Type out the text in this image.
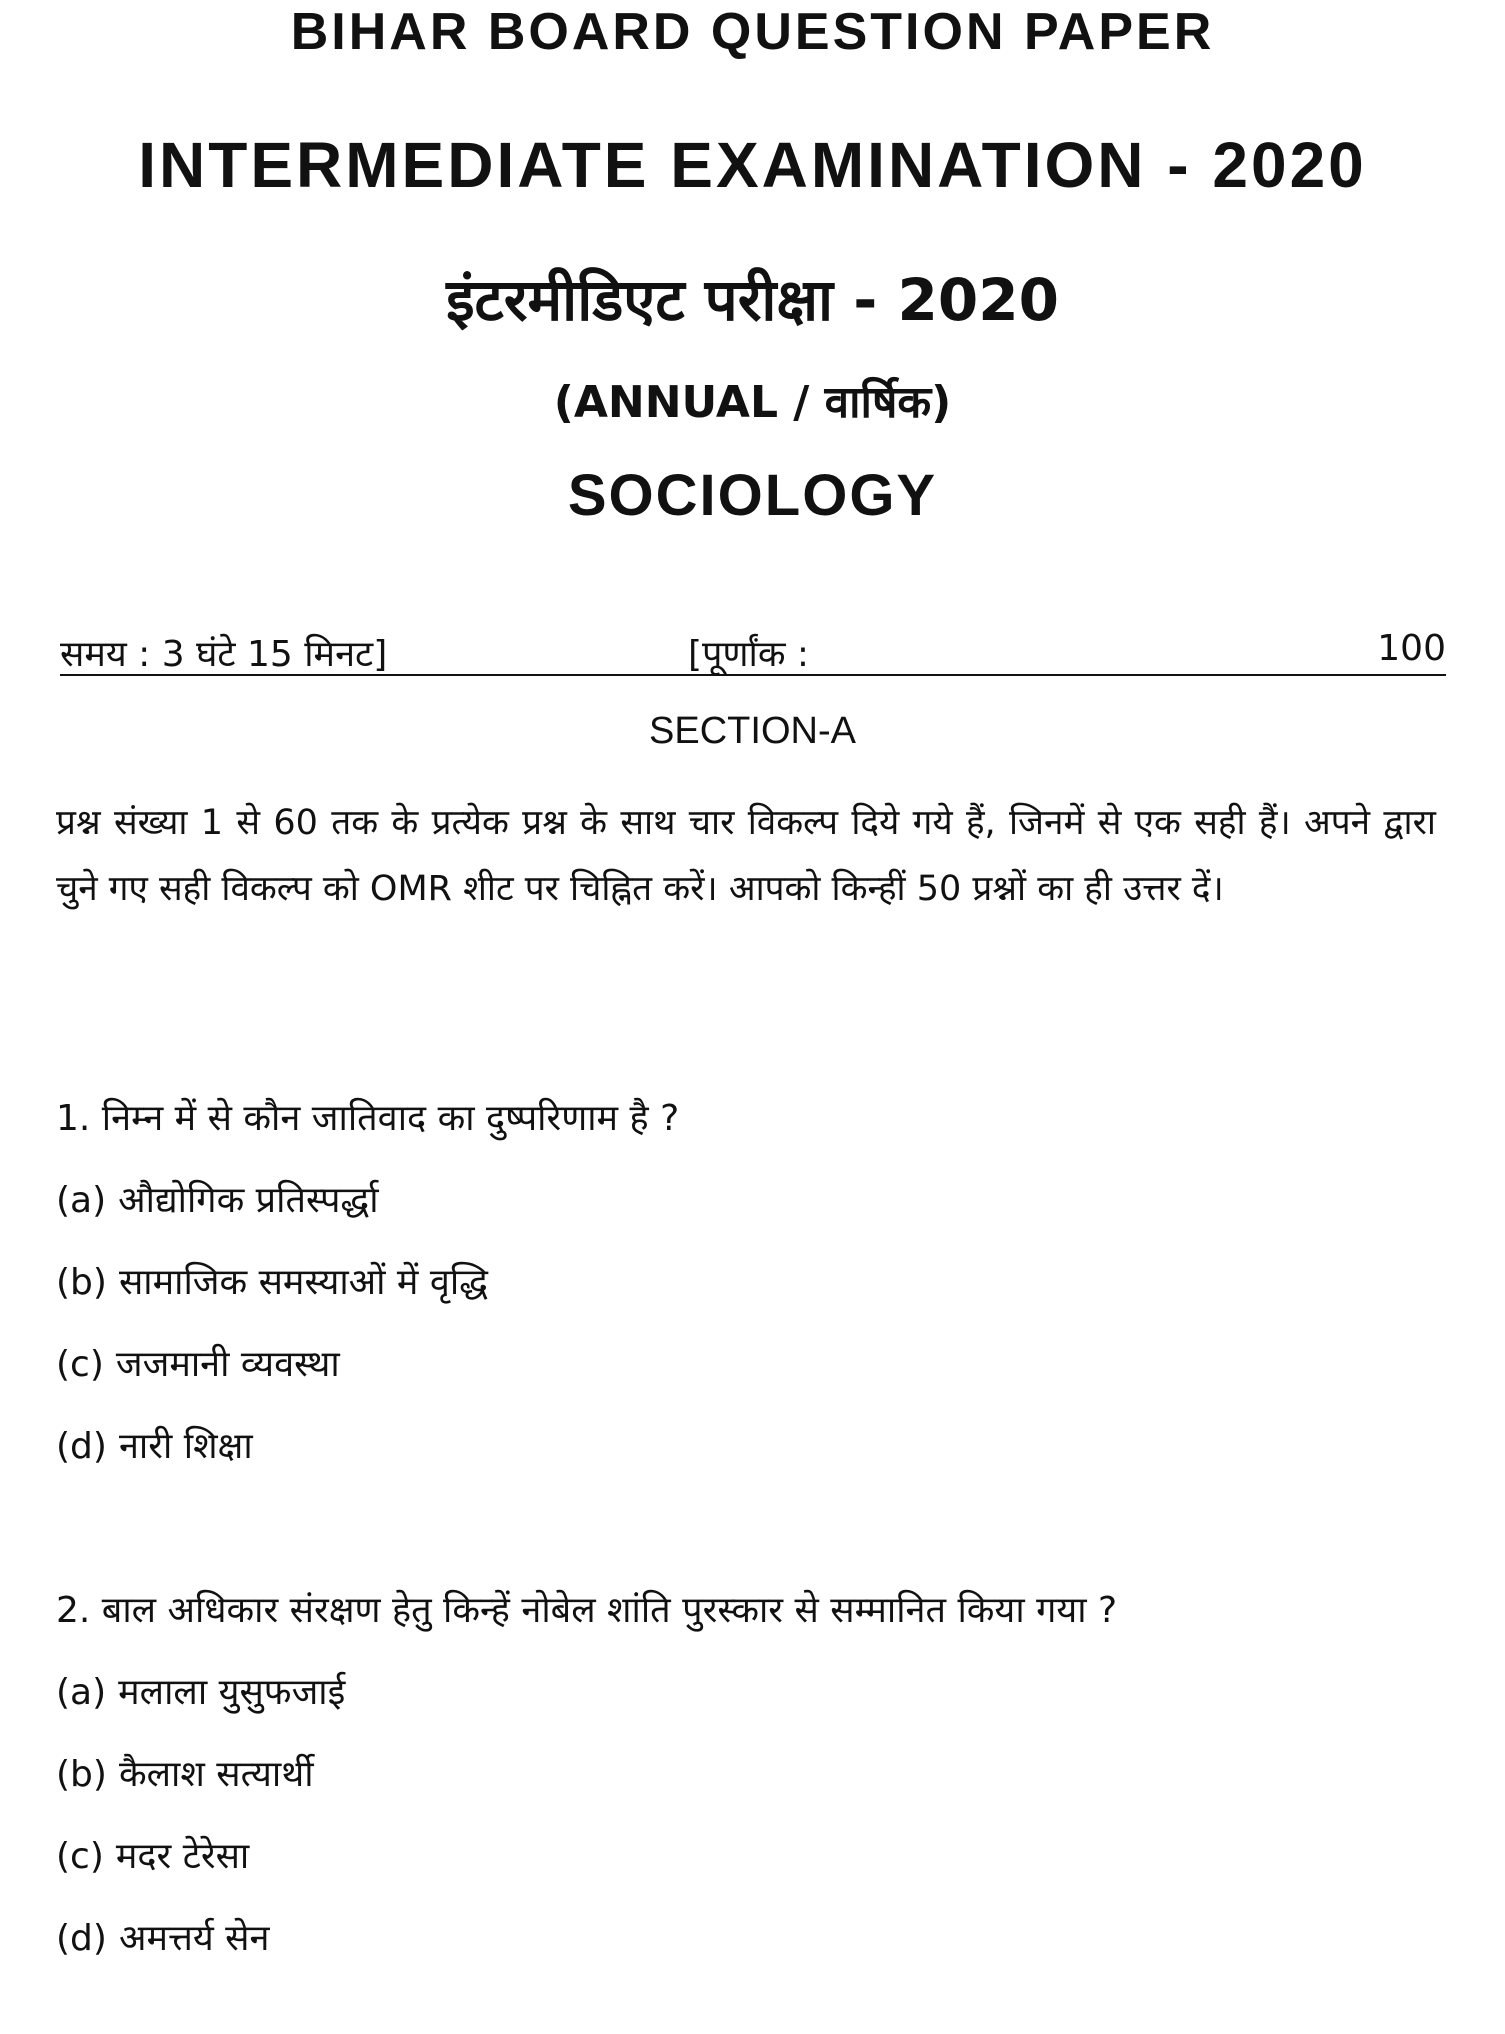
BIHAR BOARD QUESTION PAPER
INTERMEDIATE EXAMINATION - 2020
इंटरमीडिएट परीक्षा - 2020
(ANNUAL / वार्षिक)
SOCIOLOGY
समय : 3 घंटे 15 मिनट]	[पूर्णांक :	100
SECTION-A
प्रश्न संख्या 1 से 60 तक के प्रत्येक प्रश्न के साथ चार विकल्प दिये गये हैं, जिनमें से एक सही हैं। अपने द्वारा चुने गए सही विकल्प को OMR शीट पर चिह्नित करें। आपको किन्हीं 50 प्रश्नों का ही उत्तर दें।
1. निम्न में से कौन जातिवाद का दुष्परिणाम है ?
(a) औद्योगिक प्रतिस्पर्द्धा
(b) सामाजिक समस्याओं में वृद्धि
(c) जजमानी व्यवस्था
(d) नारी शिक्षा
2. बाल अधिकार संरक्षण हेतु किन्हें नोबेल शांति पुरस्कार से सम्मानित किया गया ?
(a) मलाला युसुफजाई
(b) कैलाश सत्यार्थी
(c) मदर टेरेसा
(d) अमत्तर्य सेन
